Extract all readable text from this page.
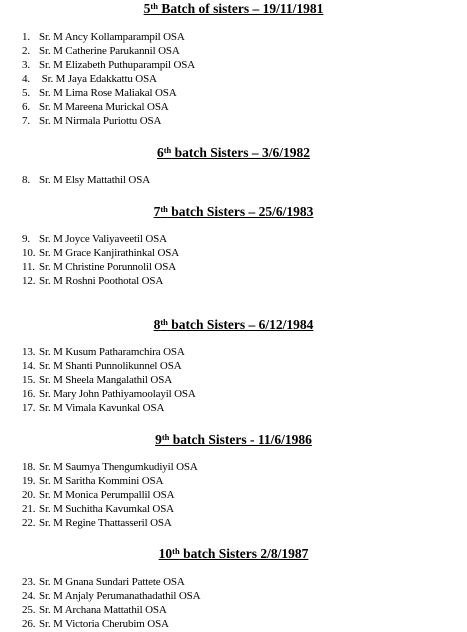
5th Batch of sisters – 19/11/1981
1. Sr. M Ancy Kollamparampil OSA
2. Sr. M Catherine Parukannil OSA
3. Sr. M Elizabeth Puthuparampil OSA
4. Sr. M Jaya Edakkattu OSA
5. Sr. M Lima Rose Maliakal OSA
6. Sr. M Mareena Murickal OSA
7. Sr. M Nirmala Puriottu OSA
6th batch Sisters – 3/6/1982
8. Sr. M Elsy Mattathil OSA
7th batch Sisters – 25/6/1983
9. Sr. M Joyce Valiyaveetil OSA
10. Sr. M Grace Kanjirathinkal OSA
11. Sr. M Christine Porunnolil OSA
12. Sr. M Roshni Poothotal OSA
8th batch Sisters – 6/12/1984
13. Sr. M Kusum Patharamchira OSA
14. Sr. M Shanti Punnolikunnel OSA
15. Sr. M Sheela Mangalathil OSA
16. Sr. Mary John Pathiyamoolayil OSA
17. Sr. M Vimala Kavunkal OSA
9th batch Sisters - 11/6/1986
18. Sr. M Saumya Thengumkudiyil OSA
19. Sr. M Saritha Kommini OSA
20. Sr. M Monica Perumpallil OSA
21. Sr. M Suchitha Kavumkal OSA
22. Sr. M Regine Thattasseril OSA
10th batch Sisters 2/8/1987
23. Sr. M Gnana Sundari Pattete OSA
24. Sr. M Anjaly Perumanathadathil OSA
25. Sr. M Archana Mattathil OSA
26. Sr. M Victoria Cherubim OSA
